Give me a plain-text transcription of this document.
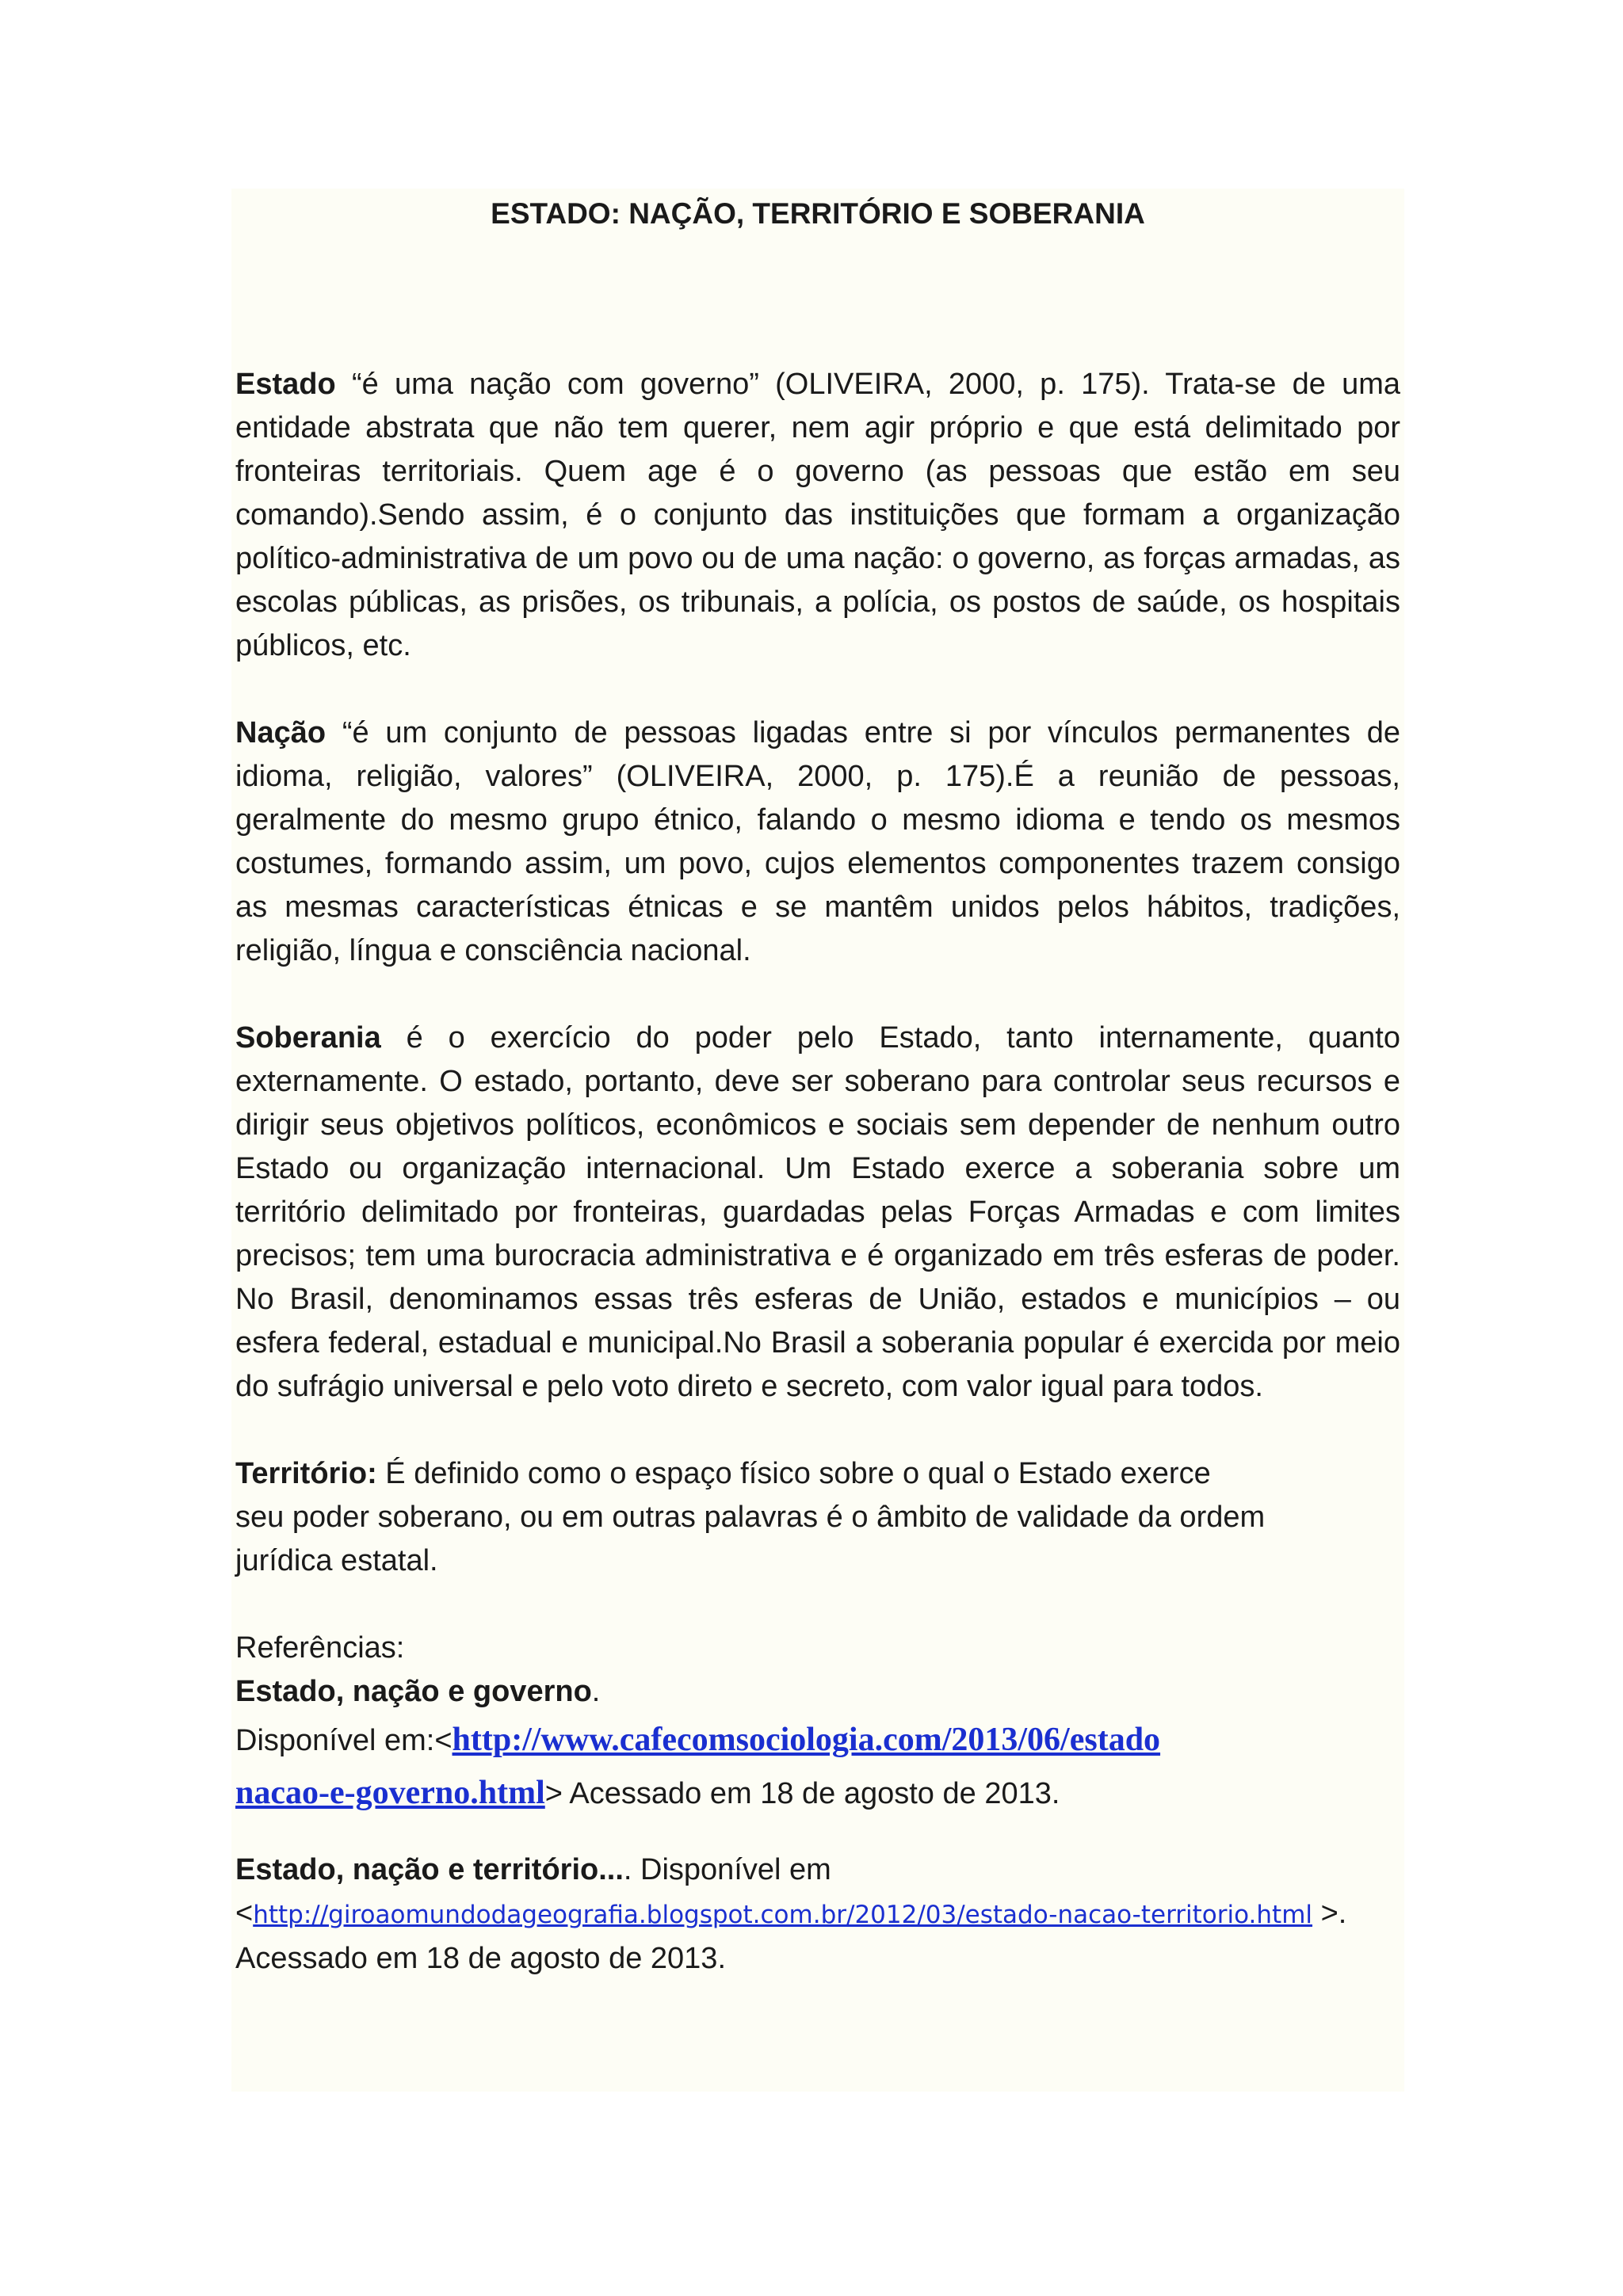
ESTADO: NAÇÃO, TERRITÓRIO E SOBERANIA

Estado “é uma nação com governo” (OLIVEIRA, 2000, p. 175). Trata-se de uma entidade abstrata que não tem querer, nem agir próprio e que está delimitado por fronteiras territoriais. Quem age é o governo (as pessoas que estão em seu comando).Sendo assim, é o conjunto das instituições que formam a organização político-administrativa de um povo ou de uma nação: o governo, as forças armadas, as escolas públicas, as prisões, os tribunais, a polícia, os postos de saúde, os hospitais públicos, etc.

Nação “é um conjunto de pessoas ligadas entre si por vínculos permanentes de idioma, religião, valores” (OLIVEIRA, 2000, p. 175).É a reunião de pessoas, geralmente do mesmo grupo étnico, falando o mesmo idioma e tendo os mesmos costumes, formando assim, um povo, cujos elementos componentes trazem consigo as mesmas características étnicas e se mantêm unidos pelos hábitos, tradições, religião, língua e consciência nacional.

Soberania é o exercício do poder pelo Estado, tanto internamente, quanto externamente. O estado, portanto, deve ser soberano para controlar seus recursos e dirigir seus objetivos políticos, econômicos e sociais sem depender de nenhum outro Estado ou organização internacional. Um Estado exerce a soberania sobre um território delimitado por fronteiras, guardadas pelas Forças Armadas e com limites precisos; tem uma burocracia administrativa e é organizado em três esferas de poder. No Brasil, denominamos essas três esferas de União, estados e municípios – ou esfera federal, estadual e municipal.No Brasil a soberania popular é exercida por meio do sufrágio universal e pelo voto direto e secreto, com valor igual para todos.

Território: É definido como o espaço físico sobre o qual o Estado exerce
seu poder soberano, ou em outras palavras é o âmbito de validade da ordem
jurídica estatal.

Referências:
Estado, nação e governo.
Disponível em:<http://www.cafecomsociologia.com/2013/06/estado
nacao-e-governo.html> Acessado em 18 de agosto de 2013.
Estado, nação e território.... Disponível em
<http://giroaomundodageografia.blogspot.com.br/2012/03/estado-nacao-territorio.html >.
Acessado em 18 de agosto de 2013.
